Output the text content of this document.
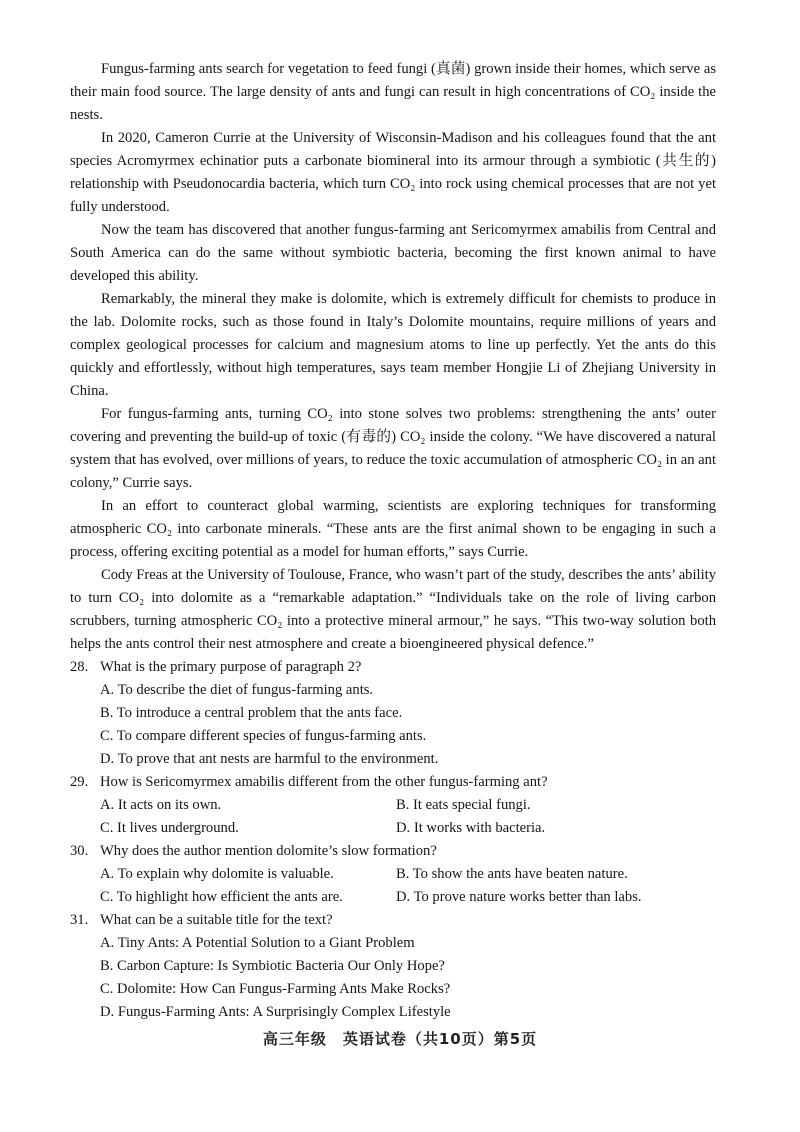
Fungus-farming ants search for vegetation to feed fungi (真菌) grown inside their homes, which serve as their main food source. The large density of ants and fungi can result in high concentrations of CO₂ inside the nests.

In 2020, Cameron Currie at the University of Wisconsin-Madison and his colleagues found that the ant species Acromyrmex echinatior puts a carbonate biomineral into its armour through a symbiotic (共生的) relationship with Pseudonocardia bacteria, which turn CO₂ into rock using chemical processes that are not yet fully understood.

Now the team has discovered that another fungus-farming ant Sericomyrmex amabilis from Central and South America can do the same without symbiotic bacteria, becoming the first known animal to have developed this ability.

Remarkably, the mineral they make is dolomite, which is extremely difficult for chemists to produce in the lab. Dolomite rocks, such as those found in Italy’s Dolomite mountains, require millions of years and complex geological processes for calcium and magnesium atoms to line up perfectly. Yet the ants do this quickly and effortlessly, without high temperatures, says team member Hongjie Li of Zhejiang University in China.

For fungus-farming ants, turning CO₂ into stone solves two problems: strengthening the ants’ outer covering and preventing the build-up of toxic (有毒的) CO₂ inside the colony. “We have discovered a natural system that has evolved, over millions of years, to reduce the toxic accumulation of atmospheric CO₂ in an ant colony,” Currie says.

In an effort to counteract global warming, scientists are exploring techniques for transforming atmospheric CO₂ into carbonate minerals. “These ants are the first animal shown to be engaging in such a process, offering exciting potential as a model for human efforts,” says Currie.

Cody Freas at the University of Toulouse, France, who wasn’t part of the study, describes the ants’ ability to turn CO₂ into dolomite as a “remarkable adaptation.” “Individuals take on the role of living carbon scrubbers, turning atmospheric CO₂ into a protective mineral armour,” he says. “This two-way solution both helps the ants control their nest atmosphere and create a bioengineered physical defence.”

28. What is the primary purpose of paragraph 2?
A. To describe the diet of fungus-farming ants.
B. To introduce a central problem that the ants face.
C. To compare different species of fungus-farming ants.
D. To prove that ant nests are harmful to the environment.
29. How is Sericomyrmex amabilis different from the other fungus-farming ant?
A. It acts on its own.	B. It eats special fungi.
C. It lives underground.	D. It works with bacteria.
30. Why does the author mention dolomite’s slow formation?
A. To explain why dolomite is valuable.	B. To show the ants have beaten nature.
C. To highlight how efficient the ants are.	D. To prove nature works better than labs.
31. What can be a suitable title for the text?
A. Tiny Ants: A Potential Solution to a Giant Problem
B. Carbon Capture: Is Symbiotic Bacteria Our Only Hope?
C. Dolomite: How Can Fungus-Farming Ants Make Rocks?
D. Fungus-Farming Ants: A Surprisingly Complex Lifestyle
高三年级　英语试卷（共10页）第5页
